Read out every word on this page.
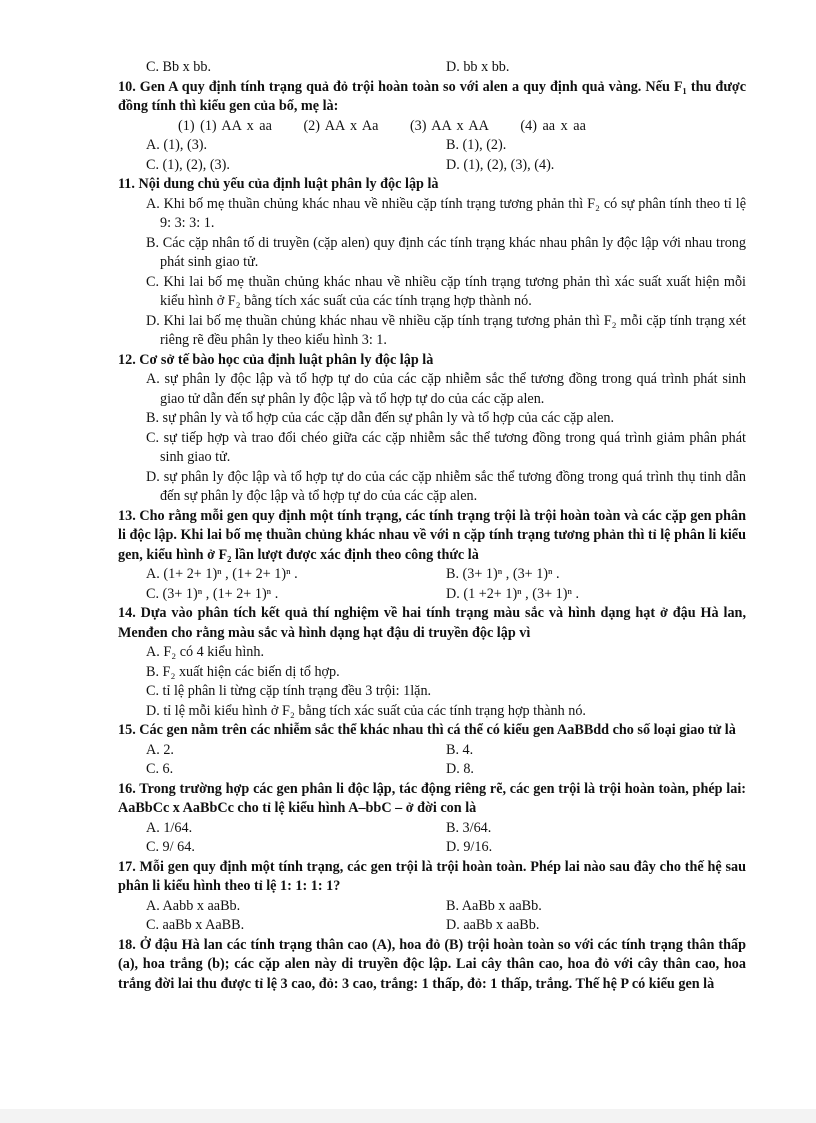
C. Bb x bb.	D. bb x bb.
10. Gen A quy định tính trạng quả đỏ trội hoàn toàn so với alen a quy định quả vàng. Nếu F₁ thu được đồng tính thì kiểu gen của bố, mẹ là:
(1) (1) AA x aa (2) AA x Aa (3) AA x AA (4) aa x aa
A. (1), (3).	B. (1), (2).
C. (1), (2), (3).	D. (1), (2), (3), (4).
11. Nội dung chủ yếu của định luật phân ly độc lập là
A. Khi bố mẹ thuần chủng khác nhau về nhiều cặp tính trạng tương phản thì F₂ có sự phân tính theo tỉ lệ 9: 3: 3: 1.
B. Các cặp nhân tố di truyền (cặp alen) quy định các tính trạng khác nhau phân ly độc lập với nhau trong phát sinh giao tử.
C. Khi lai bố mẹ thuần chủng khác nhau về nhiều cặp tính trạng tương phản thì xác suất xuất hiện mỗi kiểu hình ở F₂ bằng tích xác suất của các tính trạng hợp thành nó.
D. Khi lai bố mẹ thuần chủng khác nhau về nhiều cặp tính trạng tương phản thì F₂ mỗi cặp tính trạng xét riêng rẽ đều phân ly theo kiểu hình 3: 1.
12. Cơ sở tế bào học của định luật phân ly độc lập là
A. sự phân ly độc lập và tổ hợp tự do của các cặp nhiễm sắc thể tương đồng trong quá trình phát sinh giao tử dẫn đến sự phân ly độc lập và tổ hợp tự do của các cặp alen.
B. sự phân ly và tổ hợp của các cặp dẫn đến sự phân ly và tổ hợp của các cặp alen.
C. sự tiếp hợp và trao đổi chéo giữa các cặp nhiễm sắc thể tương đồng trong quá trình giảm phân phát sinh giao tử.
D. sự phân ly độc lập và tổ hợp tự do của các cặp nhiễm sắc thể tương đồng trong quá trình thụ tinh dẫn đến sự phân ly độc lập và tổ hợp tự do của các cặp alen.
13. Cho rằng mỗi gen quy định một tính trạng, các tính trạng trội là trội hoàn toàn và các cặp gen phân li độc lập. Khi lai bố mẹ thuần chủng khác nhau về với n cặp tính trạng tương phản thì tỉ lệ phân li kiểu gen, kiểu hình ở F₂ lần lượt được xác định theo công thức là
A. (1+ 2+ 1)ⁿ , (1+ 2+ 1)ⁿ .	B. (3+ 1)ⁿ , (3+ 1)ⁿ .
C. (3+ 1)ⁿ , (1+ 2+ 1)ⁿ .	D. (1 +2+ 1)ⁿ , (3+ 1)ⁿ .
14. Dựa vào phân tích kết quả thí nghiệm về hai tính trạng màu sắc và hình dạng hạt ở đậu Hà lan, Menđen cho rằng màu sắc và hình dạng hạt đậu di truyền độc lập vì
A. F₂ có 4 kiểu hình.
B. F₂ xuất hiện các biến dị tổ hợp.
C. tỉ lệ phân li từng cặp tính trạng đều 3 trội: 1lặn.
D. tỉ lệ mỗi kiểu hình ở F₂ bằng tích xác suất của các tính trạng hợp thành nó.
15. Các gen nằm trên các nhiễm sắc thể khác nhau thì cá thể có kiểu gen AaBBdd cho số loại giao tử là
A. 2.	B. 4.
C. 6.	D. 8.
16. Trong trường hợp các gen phân li độc lập, tác động riêng rẽ, các gen trội là trội hoàn toàn, phép lai: AaBbCc x AaBbCc cho tỉ lệ kiểu hình A–bbC – ở đời con là
A. 1/64.	B. 3/64.
C. 9/ 64.	D. 9/16.
17. Mỗi gen quy định một tính trạng, các gen trội là trội hoàn toàn. Phép lai nào sau đây cho thế hệ sau phân li kiểu hình theo tỉ lệ 1: 1: 1: 1?
A. Aabb x aaBb.	B. AaBb x aaBb.
C. aaBb x AaBB.	D. aaBb x aaBb.
18. Ở đậu Hà lan các tính trạng thân cao (A), hoa đỏ (B) trội hoàn toàn so với các tính trạng thân thấp (a), hoa trắng (b); các cặp alen này di truyền độc lập. Lai cây thân cao, hoa đỏ với cây thân cao, hoa trắng đời lai thu được tỉ lệ 3 cao, đỏ: 3 cao, trắng: 1 thấp, đỏ: 1 thấp, trắng. Thế hệ P có kiểu gen là
